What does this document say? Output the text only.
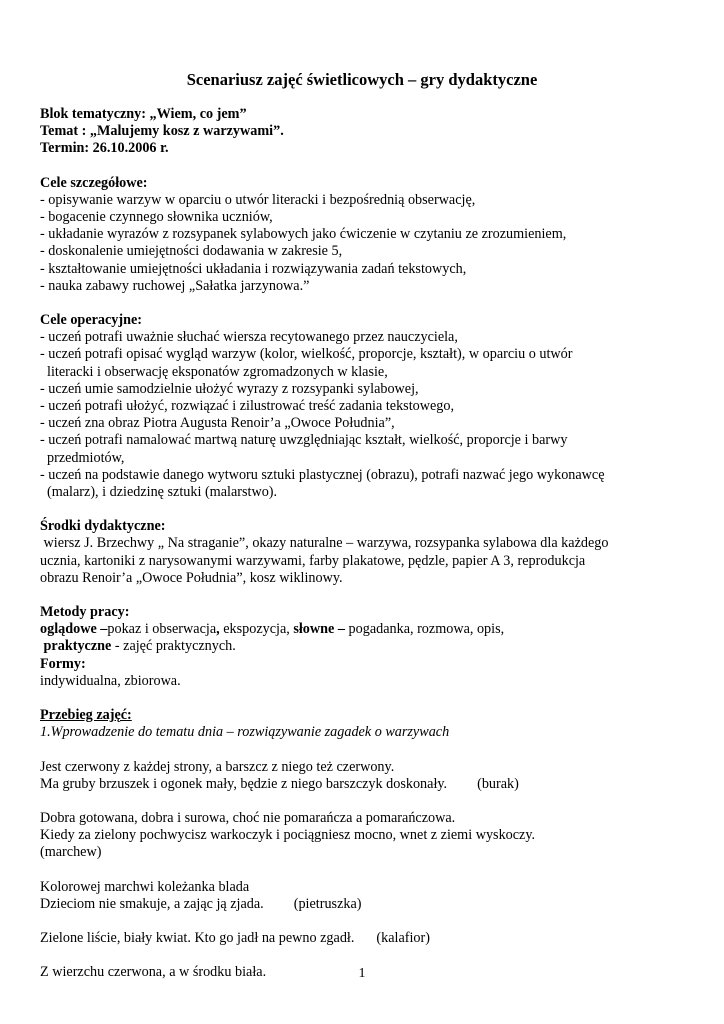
Scenariusz zajęć świetlicowych – gry dydaktyczne
Blok tematyczny: „Wiem, co jem”
Temat : „Malujemy kosz z warzywami”.
Termin: 26.10.2006 r.
Cele szczegółowe:
- opisywanie warzyw w oparciu o utwór literacki i bezpośrednią obserwację,
- bogacenie czynnego słownika uczniów,
- układanie wyrazów z rozsypanek sylabowych jako ćwiczenie w czytaniu ze zrozumieniem,
- doskonalenie umiejętności dodawania w zakresie 5,
- kształtowanie umiejętności układania i rozwiązywania zadań tekstowych,
- nauka zabawy ruchowej „Sałatka jarzynowa.”
Cele operacyjne:
- uczeń potrafi uważnie słuchać wiersza recytowanego przez nauczyciela,
- uczeń potrafi opisać wygląd warzyw (kolor, wielkość, proporcje, kształt), w oparciu o utwór
literacki i obserwację eksponatów zgromadzonych w klasie,
- uczeń umie samodzielnie ułożyć wyrazy z rozsypanki sylabowej,
- uczeń potrafi ułożyć, rozwiązać i zilustrować treść zadania tekstowego,
- uczeń zna obraz Piotra Augusta Renoir’a „Owoce Południa”,
- uczeń potrafi namalować martwą naturę uwzględniając kształt, wielkość, proporcje i barwy
przedmiotów,
- uczeń na podstawie danego wytworu sztuki plastycznej (obrazu), potrafi nazwać jego wykonawcę
(malarz), i dziedzinę sztuki (malarstwo).
Środki dydaktyczne:
wiersz J. Brzechwy „ Na straganie”, okazy naturalne – warzywa, rozsypanka sylabowa dla każdego
ucznia, kartoniki z narysowanymi warzywami, farby plakatowe, pędzle, papier A 3, reprodukcja
obrazu Renoir’a „Owoce Południa”, kosz wiklinowy.
Metody pracy:
oglądowe –pokaz i obserwacja, ekspozycja, słowne – pogadanka, rozmowa, opis,
praktyczne - zajęć praktycznych.
Formy:
indywidualna, zbiorowa.
Przebieg zajęć:
1.Wprowadzenie do tematu dnia – rozwiązywanie zagadek o warzywach
Jest czerwony z każdej strony, a barszcz z niego też czerwony.
Ma gruby brzuszek i ogonek mały, będzie z niego barszczyk doskonały. (burak)
Dobra gotowana, dobra i surowa, choć nie pomarańcza a pomarańczowa.
Kiedy za zielony pochwycisz warkoczyk i pociągniesz mocno, wnet z ziemi wyskoczy.
(marchew)
Kolorowej marchwi koleżanka blada
Dzieciom nie smakuje, a zając ją zjada. (pietruszka)
Zielone liście, biały kwiat. Kto go jadł na pewno zgadł. (kalafior)
Z wierzchu czerwona, a w środku biała.	1
